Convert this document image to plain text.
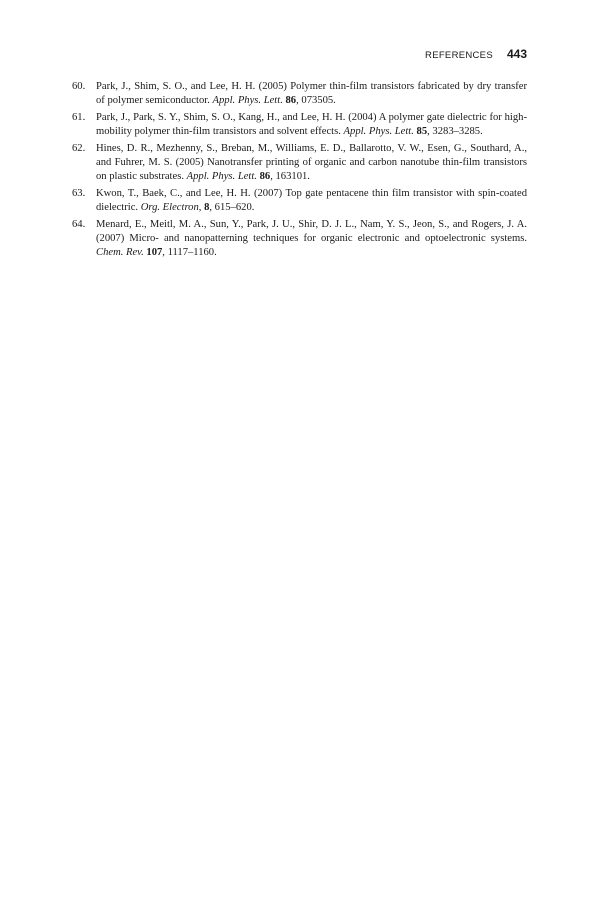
REFERENCES 443
60. Park, J., Shim, S. O., and Lee, H. H. (2005) Polymer thin-film transistors fabricated by dry transfer of polymer semiconductor. Appl. Phys. Lett. 86, 073505.
61. Park, J., Park, S. Y., Shim, S. O., Kang, H., and Lee, H. H. (2004) A polymer gate dielectric for high-mobility polymer thin-film transistors and solvent effects. Appl. Phys. Lett. 85, 3283–3285.
62. Hines, D. R., Mezhenny, S., Breban, M., Williams, E. D., Ballarotto, V. W., Esen, G., Southard, A., and Fuhrer, M. S. (2005) Nanotransfer printing of organic and carbon nanotube thin-film transistors on plastic substrates. Appl. Phys. Lett. 86, 163101.
63. Kwon, T., Baek, C., and Lee, H. H. (2007) Top gate pentacene thin film transistor with spin-coated dielectric. Org. Electron, 8, 615–620.
64. Menard, E., Meitl, M. A., Sun, Y., Park, J. U., Shir, D. J. L., Nam, Y. S., Jeon, S., and Rogers, J. A. (2007) Micro- and nanopatterning techniques for organic electronic and optoelectronic systems. Chem. Rev. 107, 1117–1160.
